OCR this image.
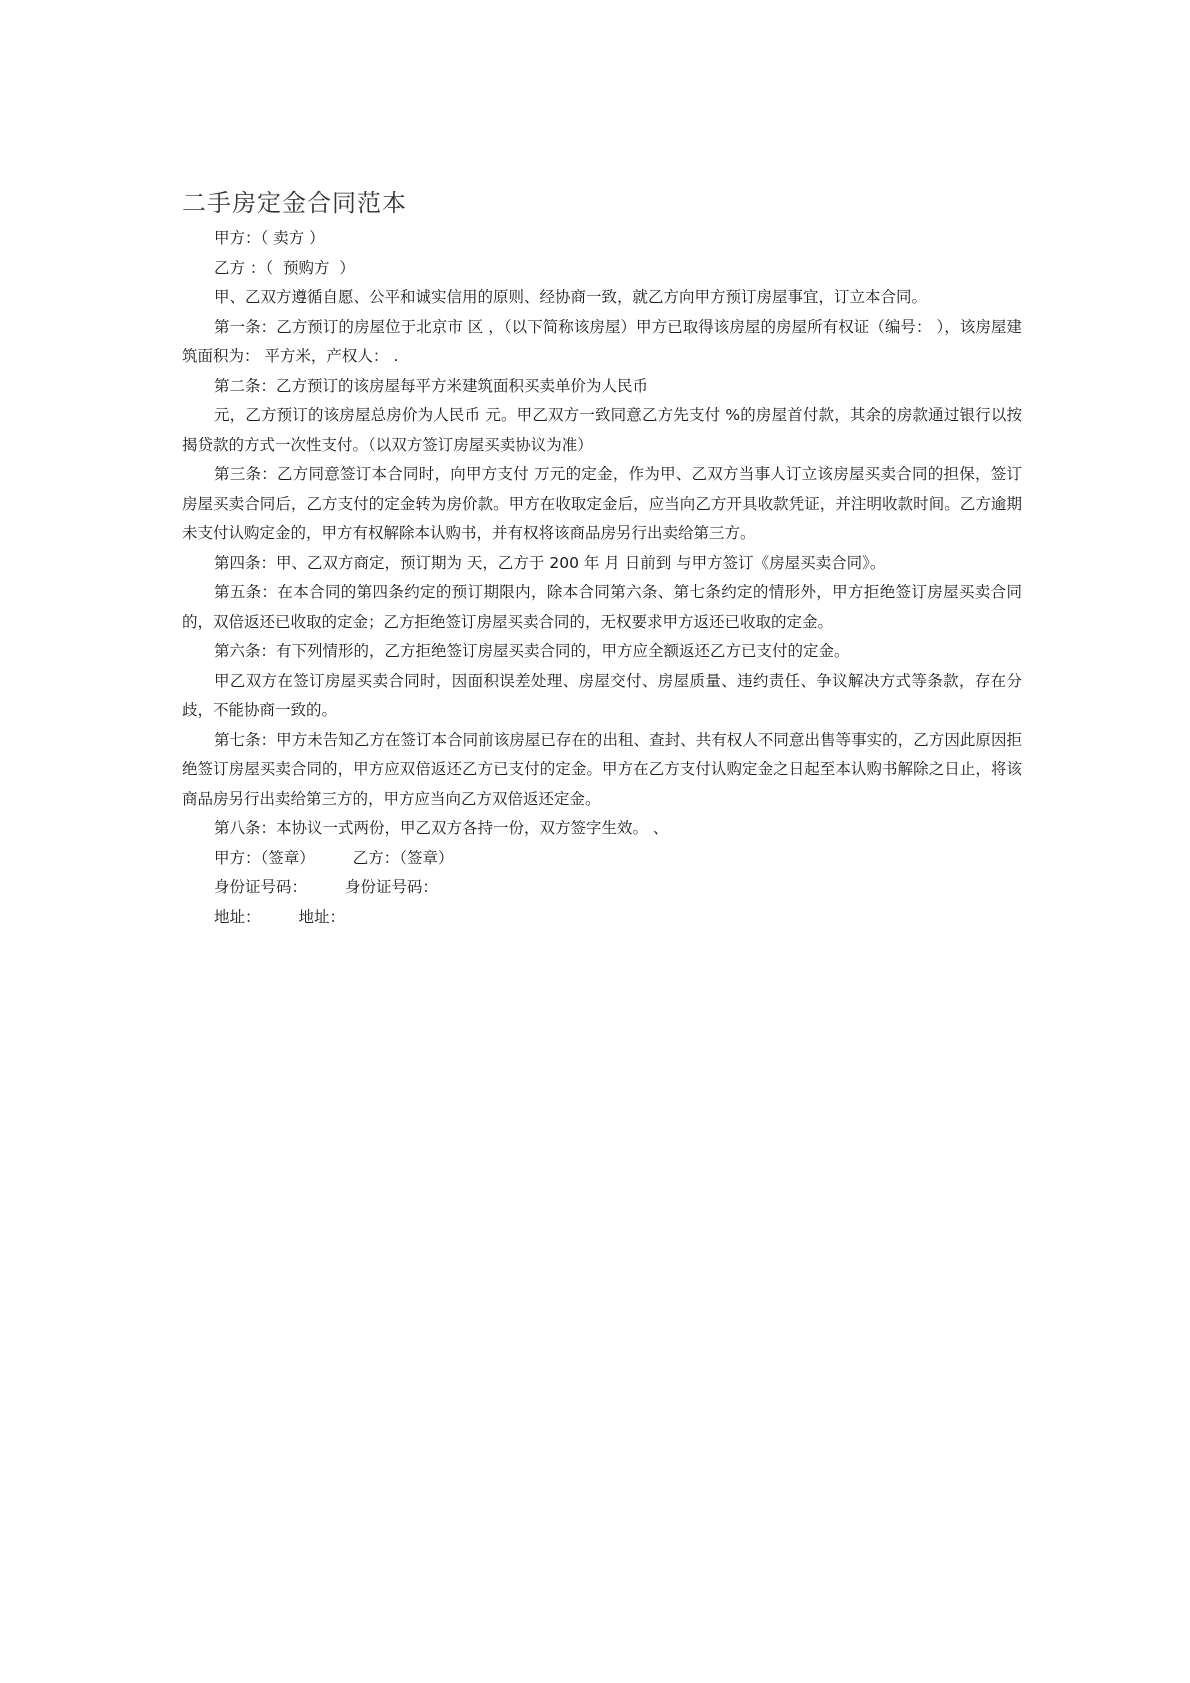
二手房定金合同范本

甲方：（ 卖方 ）

乙方 ：（  预购方  ）

甲、乙双方遵循自愿、公平和诚实信用的原则、经协商一致，就乙方向甲方预订房屋事宜，订立本合同。

第一条：乙方预订的房屋位于北京市 区 ，（以下简称该房屋）甲方已取得该房屋的房屋所有权证（编号： ），该房屋建筑面积为： 平方米，产权人： .

第二条：乙方预订的该房屋每平方米建筑面积买卖单价为人民币

元，乙方预订的该房屋总房价为人民币 元。甲乙双方一致同意乙方先支付 %的房屋首付款，其余的房款通过银行以按揭贷款的方式一次性支付。（以双方签订房屋买卖协议为准）

第三条：乙方同意签订本合同时，向甲方支付 万元的定金，作为甲、乙双方当事人订立该房屋买卖合同的担保，签订房屋买卖合同后，乙方支付的定金转为房价款。甲方在收取定金后，应当向乙方开具收款凭证，并注明收款时间。乙方逾期未支付认购定金的，甲方有权解除本认购书，并有权将该商品房另行出卖给第三方。

第四条：甲、乙双方商定，预订期为 天，乙方于 200 年 月 日前到 与甲方签订《房屋买卖合同》。

第五条：在本合同的第四条约定的预订期限内，除本合同第六条、第七条约定的情形外，甲方拒绝签订房屋买卖合同的，双倍返还已收取的定金；乙方拒绝签订房屋买卖合同的，无权要求甲方返还已收取的定金。

第六条：有下列情形的，乙方拒绝签订房屋买卖合同的，甲方应全额返还乙方已支付的定金。

甲乙双方在签订房屋买卖合同时，因面积误差处理、房屋交付、房屋质量、违约责任、争议解决方式等条款，存在分歧，不能协商一致的。

第七条：甲方未告知乙方在签订本合同前该房屋已存在的出租、查封、共有权人不同意出售等事实的，乙方因此原因拒绝签订房屋买卖合同的，甲方应双倍返还乙方已支付的定金。甲方在乙方支付认购定金之日起至本认购书解除之日止，将该商品房另行出卖给第三方的，甲方应当向乙方双倍返还定金。

第八条：本协议一式两份，甲乙双方各持一份，双方签字生效。 、

甲方：（签章） 乙方：（签章）

身份证号码： 身份证号码：

地址： 地址：
